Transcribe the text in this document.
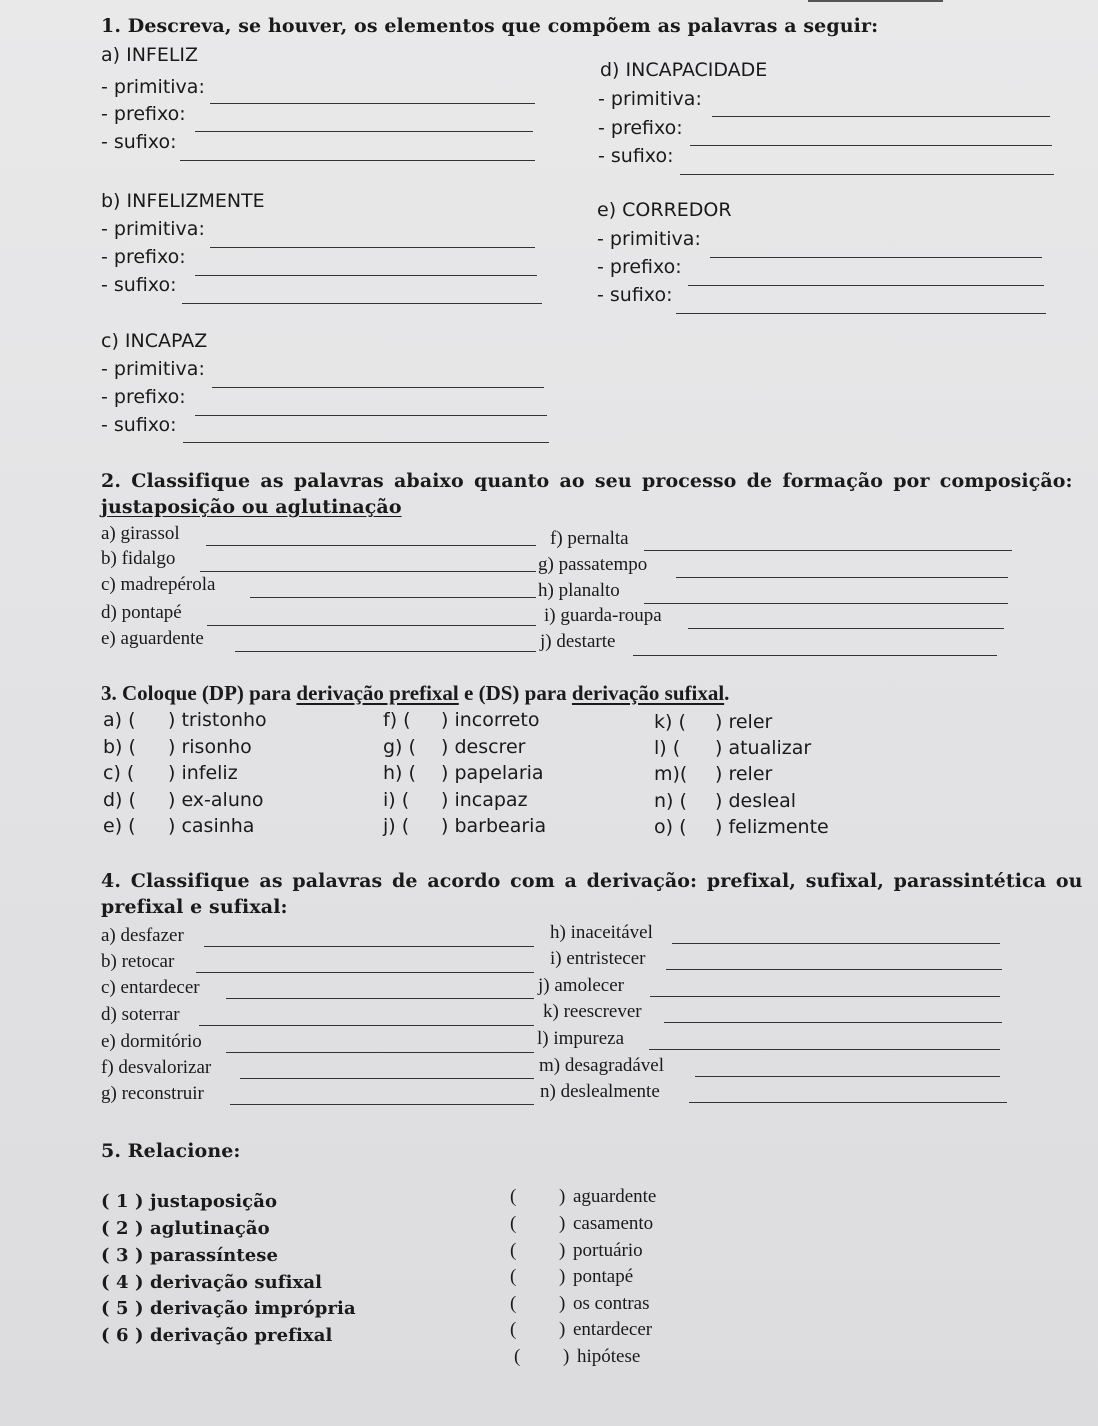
1. Descreva, se houver, os elementos que compõem as palavras a seguir:
a) INFELIZ
- primitiva:
- prefixo:
- sufixo:
d) INCAPACIDADE
- primitiva:
- prefixo:
- sufixo:
b) INFELIZMENTE
- primitiva:
- prefixo:
- sufixo:
e) CORREDOR
- primitiva:
- prefixo:
- sufixo:
c) INCAPAZ
- primitiva:
- prefixo:
- sufixo:
2. Classifique as palavras abaixo quanto ao seu processo de formação por composição:
justaposição ou aglutinação
a) girassol
b) fidalgo
c) madrepérola
d) pontapé
e) aguardente
f) pernalta
g) passatempo
h) planalto
i) guarda-roupa
j) destarte
3. Coloque (DP) para derivação prefixal e (DS) para derivação sufixal.
a) ( ) tristonho
b) ( ) risonho
c) ( ) infeliz
d) ( ) ex-aluno
e) ( ) casinha
f) ( ) incorreto
g) ( ) descrer
h) ( ) papelaria
i) ( ) incapaz
j) ( ) barbearia
k) ( ) reler
l) ( ) atualizar
m)( ) reler
n) ( ) desleal
o) ( ) felizmente
4. Classifique as palavras de acordo com a derivação: prefixal, sufixal, parassintética ou
prefixal e sufixal:
a) desfazer
b) retocar
c) entardecer
d) soterrar
e) dormitório
f) desvalorizar
g) reconstruir
h) inaceitável
i) entristecer
j) amolecer
k) reescrever
l) impureza
m) desagradável
n) deslealmente
5. Relacione:
( 1 ) justaposição
( 2 ) aglutinação
( 3 ) parassíntese
( 4 ) derivação sufixal
( 5 ) derivação imprópria
( 6 ) derivação prefixal
( ) aguardente
( ) casamento
( ) portuário
( ) pontapé
( ) os contras
( ) entardecer
( ) hipótese
